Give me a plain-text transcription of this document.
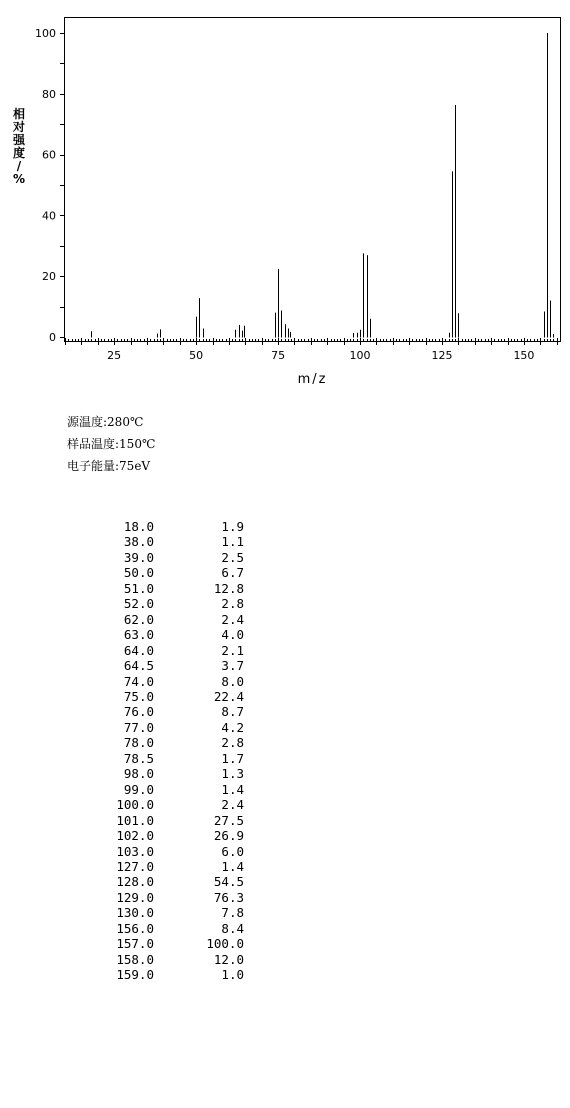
25	50	75	100	125	150
0
20
40
60
80
100
m/z
相对强度/ %
源温度:280℃
样品温度:150℃
电子能量:75eV
18.0	1.9
38.0	1.1
39.0	2.5
50.0	6.7
51.0	12.8
52.0	2.8
62.0	2.4
63.0	4.0
64.0	2.1
64.5	3.7
74.0	8.0
75.0	22.4
76.0	8.7
77.0	4.2
78.0	2.8
78.5	1.7
98.0	1.3
99.0	1.4
100.0	2.4
101.0	27.5
102.0	26.9
103.0	6.0
127.0	1.4
128.0	54.5
129.0	76.3
130.0	7.8
156.0	8.4
157.0	100.0
158.0	12.0
159.0	1.0
